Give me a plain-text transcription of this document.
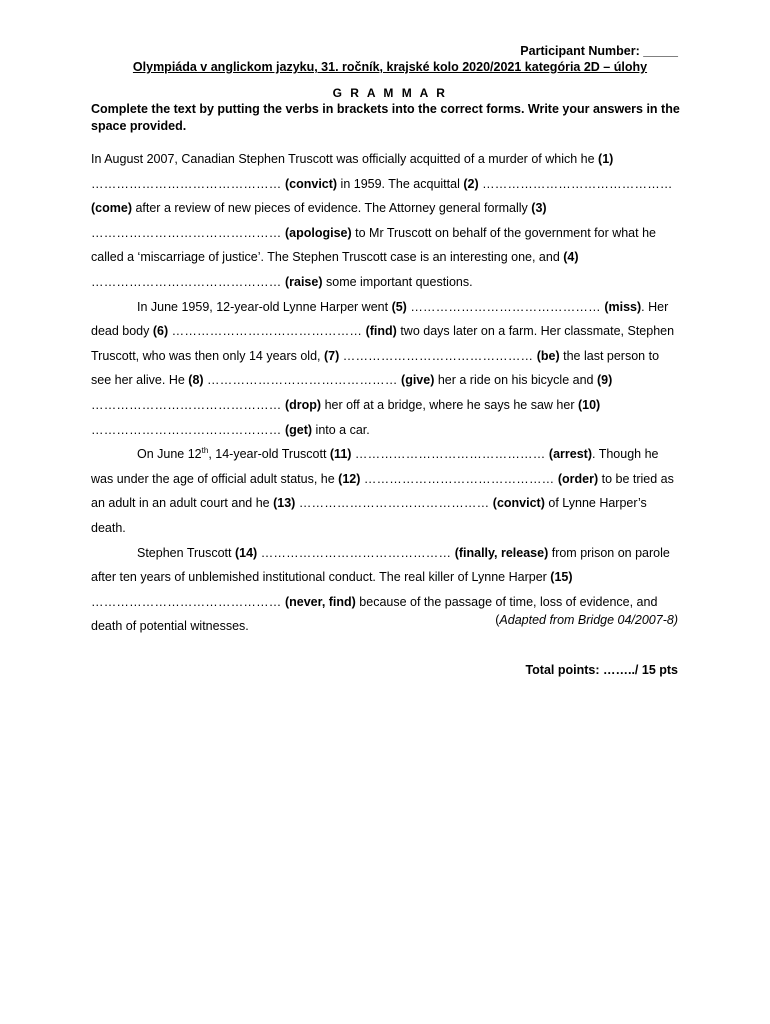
Participant Number: _____
Olympiáda v anglickom jazyku, 31. ročník, krajské kolo 2020/2021 kategória 2D – úlohy
G R A M M A R
Complete the text by putting the verbs in brackets into the correct forms. Write your answers in the space provided.

In August 2007, Canadian Stephen Truscott was officially acquitted of a murder of which he (1) ……………………………………… (convict) in 1959. The acquittal (2) ……………………………………… (come) after a review of new pieces of evidence. The Attorney general formally (3) ……………………………………… (apologise) to Mr Truscott on behalf of the government for what he called a ‘miscarriage of justice’. The Stephen Truscott case is an interesting one, and (4) ……………………………………… (raise) some important questions.

In June 1959, 12-year-old Lynne Harper went (5) ……………………………………… (miss). Her dead body (6) ……………………………………… (find) two days later on a farm. Her classmate, Stephen Truscott, who was then only 14 years old, (7) ……………………………………… (be) the last person to see her alive. He (8) ……………………………………… (give) her a ride on his bicycle and (9) ……………………………………… (drop) her off at a bridge, where he says he saw her (10) ……………………………………… (get) into a car.

On June 12th, 14-year-old Truscott (11) ……………………………………… (arrest). Though he was under the age of official adult status, he (12) ……………………………………… (order) to be tried as an adult in an adult court and he (13) ……………………………………… (convict) of Lynne Harper’s death.

Stephen Truscott (14) ……………………………………… (finally, release) from prison on parole after ten years of unblemished institutional conduct. The real killer of Lynne Harper (15) ……………………………………… (never, find) because of the passage of time, loss of evidence, and death of potential witnesses.	(Adapted from Bridge 04/2007-8)
Total points: ……../ 15 pts
